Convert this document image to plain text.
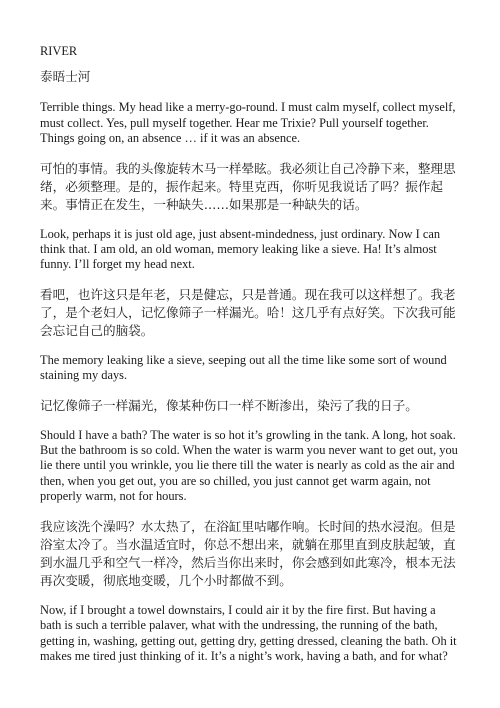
RIVER

泰晤士河

Terrible things. My head like a merry-go-round. I must calm myself, collect myself, must collect. Yes, pull myself together. Hear me Trixie? Pull yourself together. Things going on, an absence … if it was an absence.

可怕的事情。我的头像旋转木马一样晕眩。我必须让自己冷静下来，整理思绪，必须整理。是的，振作起来。特里克西，你听见我说话了吗？振作起来。事情正在发生，一种缺失……如果那是一种缺失的话。

Look, perhaps it is just old age, just absent-mindedness, just ordinary. Now I can think that. I am old, an old woman, memory leaking like a sieve. Ha! It’s almost funny. I’ll forget my head next.

看吧，也许这只是年老，只是健忘，只是普通。现在我可以这样想了。我老了，是个老妇人，记忆像筛子一样漏光。哈！这几乎有点好笑。下次我可能会忘记自己的脑袋。

The memory leaking like a sieve, seeping out all the time like some sort of wound staining my days.

记忆像筛子一样漏光，像某种伤口一样不断渗出，染污了我的日子。

Should I have a bath? The water is so hot it’s growling in the tank. A long, hot soak. But the bathroom is so cold. When the water is warm you never want to get out, you lie there until you wrinkle, you lie there till the water is nearly as cold as the air and then, when you get out, you are so chilled, you just cannot get warm again, not properly warm, not for hours.

我应该洗个澡吗？水太热了，在浴缸里咕嘟作响。长时间的热水浸泡。但是浴室太冷了。当水温适宜时，你总不想出来，就躺在那里直到皮肤起皱，直到水温几乎和空气一样冷，然后当你出来时，你会感到如此寒冷，根本无法再次变暖，彻底地变暖，几个小时都做不到。

Now, if I brought a towel downstairs, I could air it by the fire first. But having a bath is such a terrible palaver, what with the undressing, the running of the bath, getting in, washing, getting out, getting dry, getting dressed, cleaning the bath. Oh it makes me tired just thinking of it. It’s a night’s work, having a bath, and for what?
